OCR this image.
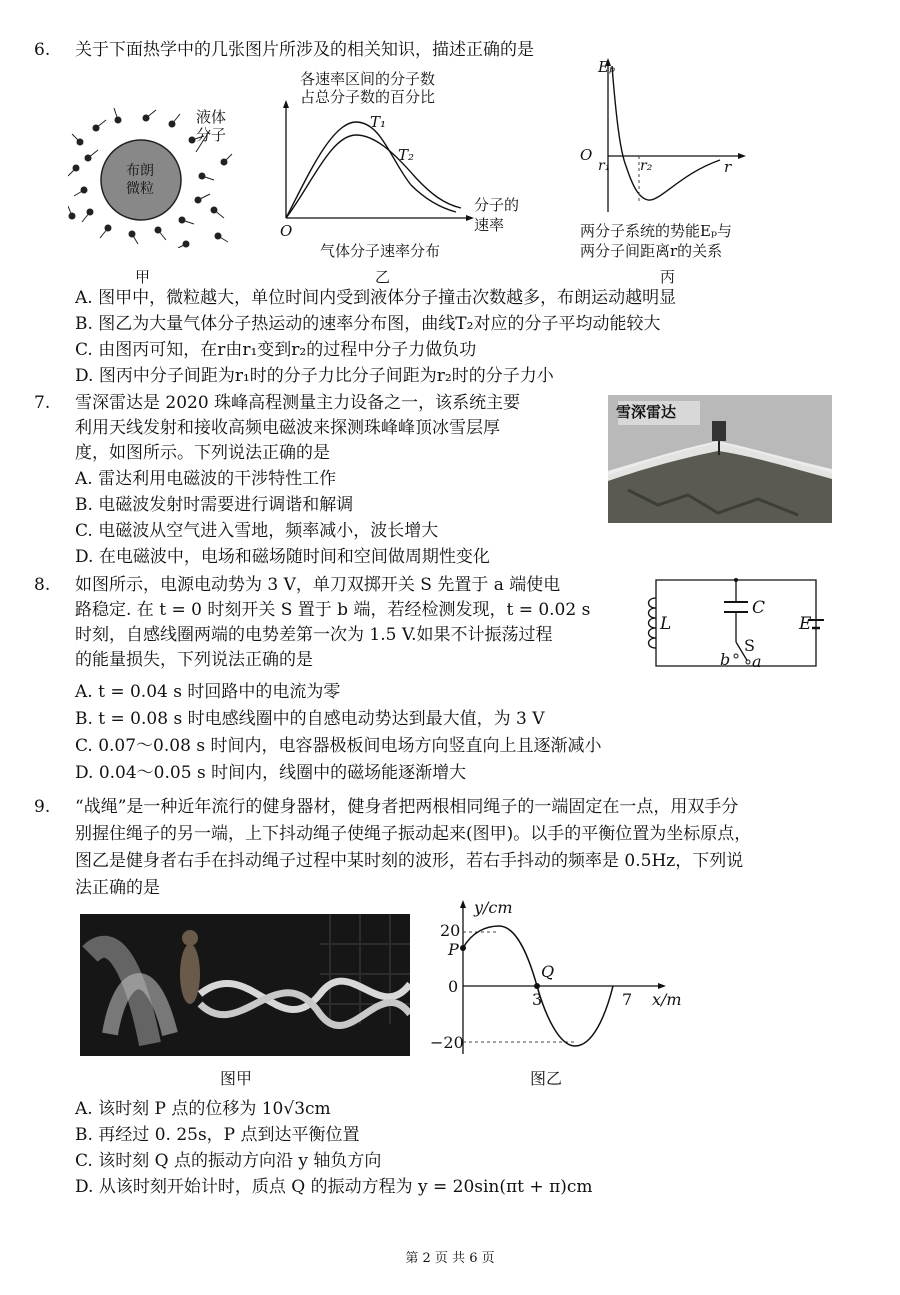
6. 关于下面热学中的几张图片所涉及的相关知识，描述正确的是
液体
分子
布朗
微粒
甲
各速率区间的分子数
占总分子数的百分比
T₁
T₂
O
分子的
速率
气体分子速率分布
乙
Eₚ
O
r₁ r₂	r
两分子系统的势能Eₚ与
两分子间距离r的关系
丙
A. 图甲中，微粒越大，单位时间内受到液体分子撞击次数越多，布朗运动越明显
B. 图乙为大量气体分子热运动的速率分布图，曲线T₂对应的分子平均动能较大
C. 由图丙可知，在r由r₁变到r₂的过程中分子力做负功
D. 图丙中分子间距为r₁时的分子力比分子间距为r₂时的分子力小
7. 雪深雷达是 2020 珠峰高程测量主力设备之一，该系统主要
利用天线发射和接收高频电磁波来探测珠峰峰顶冰雪层厚
度，如图所示。下列说法正确的是
A. 雷达利用电磁波的干涉特性工作
B. 电磁波发射时需要进行调谐和解调
C. 电磁波从空气进入雪地，频率减小，波长增大
D. 在电磁波中，电场和磁场随时间和空间做周期性变化
雪深雷达
8. 如图所示，电源电动势为 3 V，单刀双掷开关 S 先置于 a 端使电
路稳定. 在 t = 0 时刻开关 S 置于 b 端，若经检测发现，t = 0.02 s
时刻，自感线圈两端的电势差第一次为 1.5 V.如果不计振荡过程
的能量损失，下列说法正确的是
A. t = 0.04 s 时回路中的电流为零
B. t = 0.08 s 时电感线圈中的自感电动势达到最大值，为 3 V
C. 0.07～0.08 s 时间内，电容器极板间电场方向竖直向上且逐渐减小
D. 0.04～0.05 s 时间内，线圈中的磁场能逐渐增大
L
C
S
E
b a
9. “战绳”是一种近年流行的健身器材，健身者把两根相同绳子的一端固定在一点，用双手分
别握住绳子的另一端，上下抖动绳子使绳子振动起来(图甲)。以手的平衡位置为坐标原点，
图乙是健身者右手在抖动绳子过程中某时刻的波形，若右手抖动的频率是 0.5Hz，下列说
法正确的是
图甲
y/cm
20
P
0
−20
Q
3	7 x/m
图乙
A. 该时刻 P 点的位移为 10√3cm
B. 再经过 0. 25s，P 点到达平衡位置
C. 该时刻 Q 点的振动方向沿 y 轴负方向
D. 从该时刻开始计时，质点 Q 的振动方程为 y = 20sin(πt + π)cm
第 2 页 共 6 页
